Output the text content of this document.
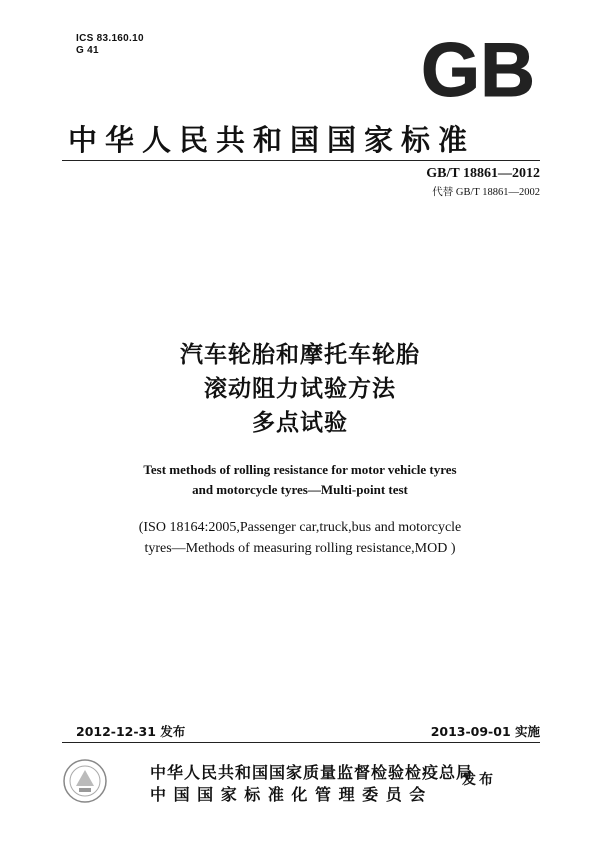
ICS 83.160.10
G 41	GB
中华人民共和国国家标准
GB/T 18861—2012
代替 GB/T 18861—2002
汽车轮胎和摩托车轮胎
滚动阻力试验方法
多点试验
Test methods of rolling resistance for motor vehicle tyres
and motorcycle tyres—Multi-point test
(ISO 18164:2005,Passenger car,truck,bus and motorcycle
tyres—Methods of measuring rolling resistance,MOD )
2012-12-31 发布	2013-09-01 实施
中华人民共和国国家质量监督检验检疫总局
中 国 国 家 标 准 化 管 理 委 员 会
发布
